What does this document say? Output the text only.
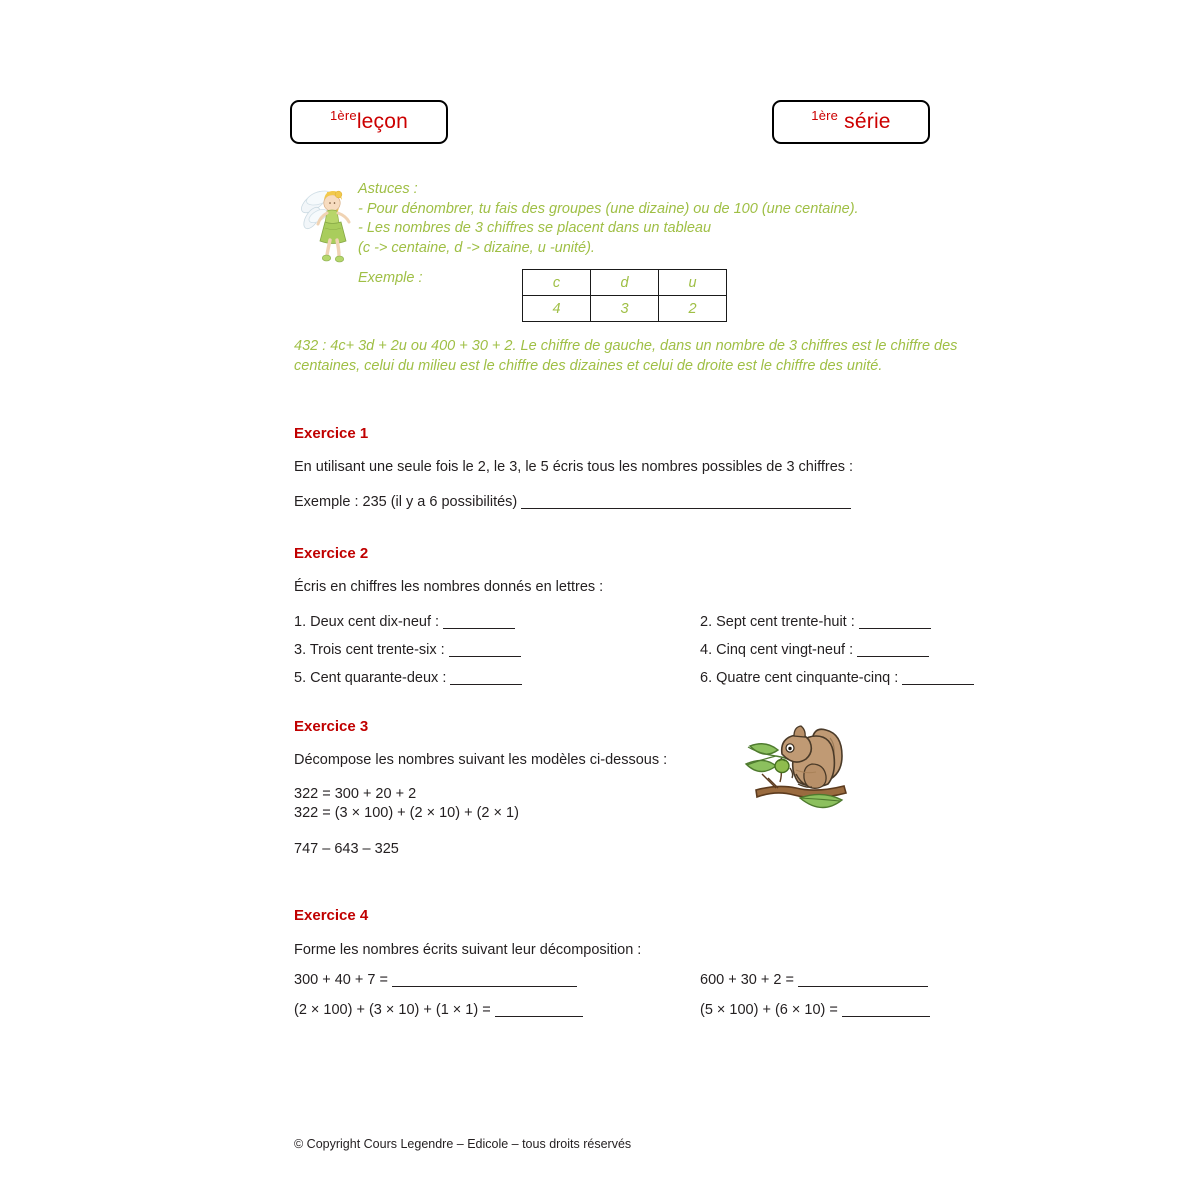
$^{1ère}$leçon	$^{1ère}$ série
Astuces :
- Pour dénombrer, tu fais des groupes (une dizaine) ou de 100 (une centaine).
- Les nombres de 3 chiffres se placent dans un tableau
(c -> centaine, d -> dizaine, u -unité).
Exemple :	c	d	u
4	3	2
432 : 4c+ 3d + 2u ou 400 + 30 + 2. Le chiffre de gauche, dans un nombre de 3 chiffres est le chiffre des centaines, celui du milieu est le chiffre des dizaines et celui de droite est le chiffre des unité.
Exercice 1
En utilisant une seule fois le 2, le 3, le 5 écris tous les nombres possibles de 3 chiffres :
Exemple : 235 (il y a 6 possibilités)
Exercice 2
Écris en chiffres les nombres donnés en lettres :
1. Deux cent dix-neuf :	2. Sept cent trente-huit :
3. Trois cent trente-six :	4. Cinq cent vingt-neuf :
5. Cent quarante-deux :	6. Quatre cent cinquante-cinq :
Exercice 3
Décompose les nombres suivant les modèles ci-dessous :
322 = 300 + 20 + 2
322 = (3 × 100) + (2 × 10) + (2 × 1)
747 – 643 – 325
Exercice 4
Forme les nombres écrits suivant leur décomposition :
300 + 40 + 7 =	600 + 30 + 2 =
(2 × 100) + (3 × 10) + (1 × 1) =	(5 × 100) + (6 × 10) =
© Copyright Cours Legendre – Edicole – tous droits réservés
